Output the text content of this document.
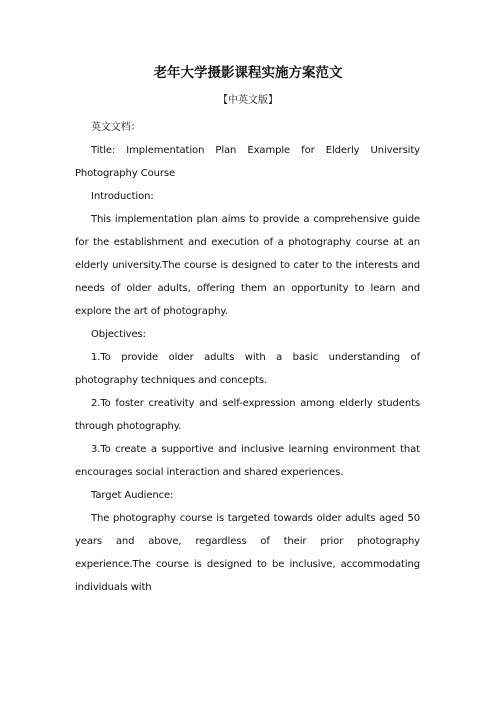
老年大学摄影课程实施方案范文
【中英文版】

英文文档：

Title: Implementation Plan Example for Elderly University Photography Course

Introduction:

This implementation plan aims to provide a comprehensive guide for the establishment and execution of a photography course at an elderly university.The course is designed to cater to the interests and needs of older adults, offering them an opportunity to learn and explore the art of photography.

Objectives:

1.To provide older adults with a basic understanding of photography techniques and concepts.

2.To foster creativity and self-expression among elderly students through photography.

3.To create a supportive and inclusive learning environment that encourages social interaction and shared experiences.

Target Audience:

The photography course is targeted towards older adults aged 50 years and above, regardless of their prior photography experience.The course is designed to be inclusive, accommodating individuals with
